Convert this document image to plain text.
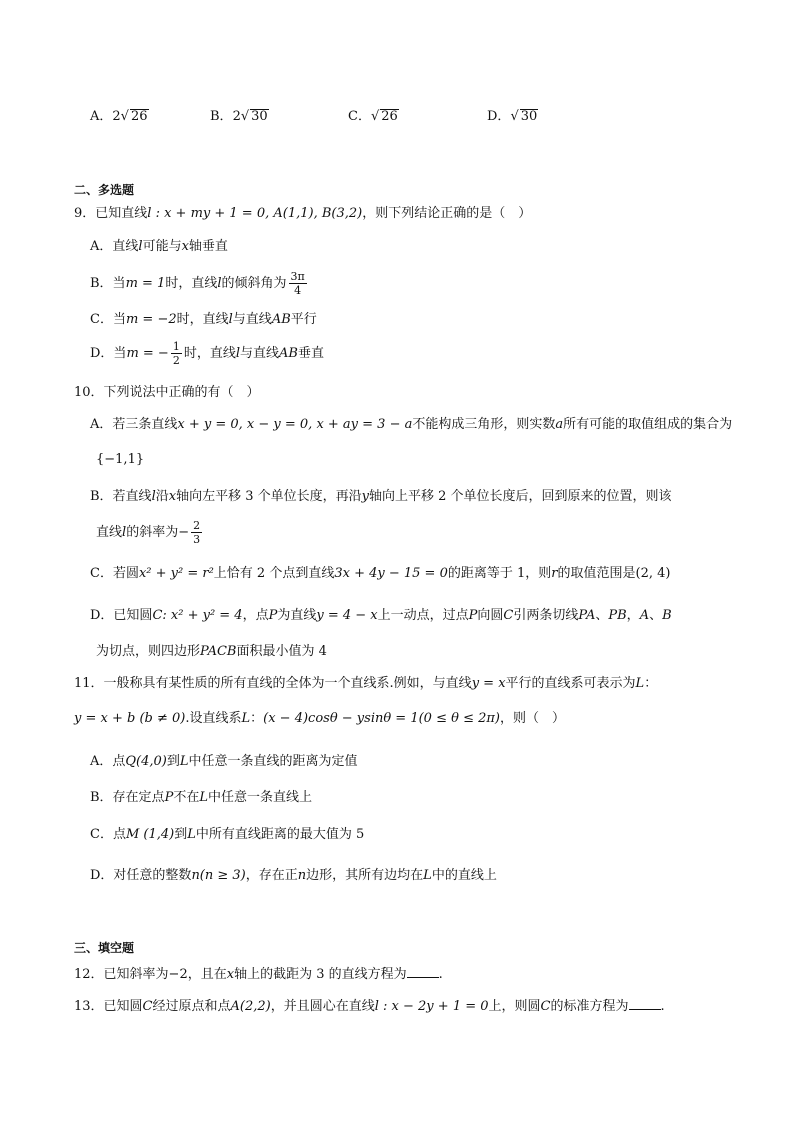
A．2√ 26	B．2√ 30	C．√ 26	D．√ 30
二、多选题
9．已知直线l : x + my + 1 = 0, A(1,1), B(3,2)，则下列结论正确的是（　）
A．直线l可能与x轴垂直
B．当m = 1时，直线l的倾斜角为 $\frac{3\pi}{4}$
C．当m = −2时，直线l与直线AB平行
D．当m = − $\frac{1}{2}$ 时，直线l与直线AB垂直
10．下列说法中正确的有（　）
A．若三条直线x + y = 0, x − y = 0, x + ay = 3 − a不能构成三角形，则实数a所有可能的取值组成的集合为
{−1,1}
B．若直线l沿x轴向左平移 3 个单位长度，再沿y轴向上平移 2 个单位长度后，回到原来的位置，则该
直线l的斜率为− $\frac{2}{3}$
C．若圆x² + y² = r²上恰有 2 个点到直线3x + 4y − 15 = 0的距离等于 1，则r的取值范围是(2, 4)
D．已知圆C: x² + y² = 4，点P为直线y = 4 − x上一动点，过点P向圆C引两条切线PA、PB，A、B
为切点，则四边形PACB面积最小值为 4
11．一般称具有某性质的所有直线的全体为一个直线系.例如，与直线y = x平行的直线系可表示为L：
y = x + b (b ≠ 0).设直线系L：(x − 4)cosθ − ysinθ = 1(0 ≤ θ ≤ 2π)，则（　）
A．点Q(4,0)到L中任意一条直线的距离为定值
B．存在定点P不在L中任意一条直线上
C．点M (1,4)到L中所有直线距离的最大值为 5
D．对任意的整数n(n ≥ 3)，存在正n边形，其所有边均在L中的直线上
三、填空题
12．已知斜率为−2，且在x轴上的截距为 3 的直线方程为 .
13．已知圆C经过原点和点A(2,2)，并且圆心在直线l : x − 2y + 1 = 0上，则圆C的标准方程为 .
